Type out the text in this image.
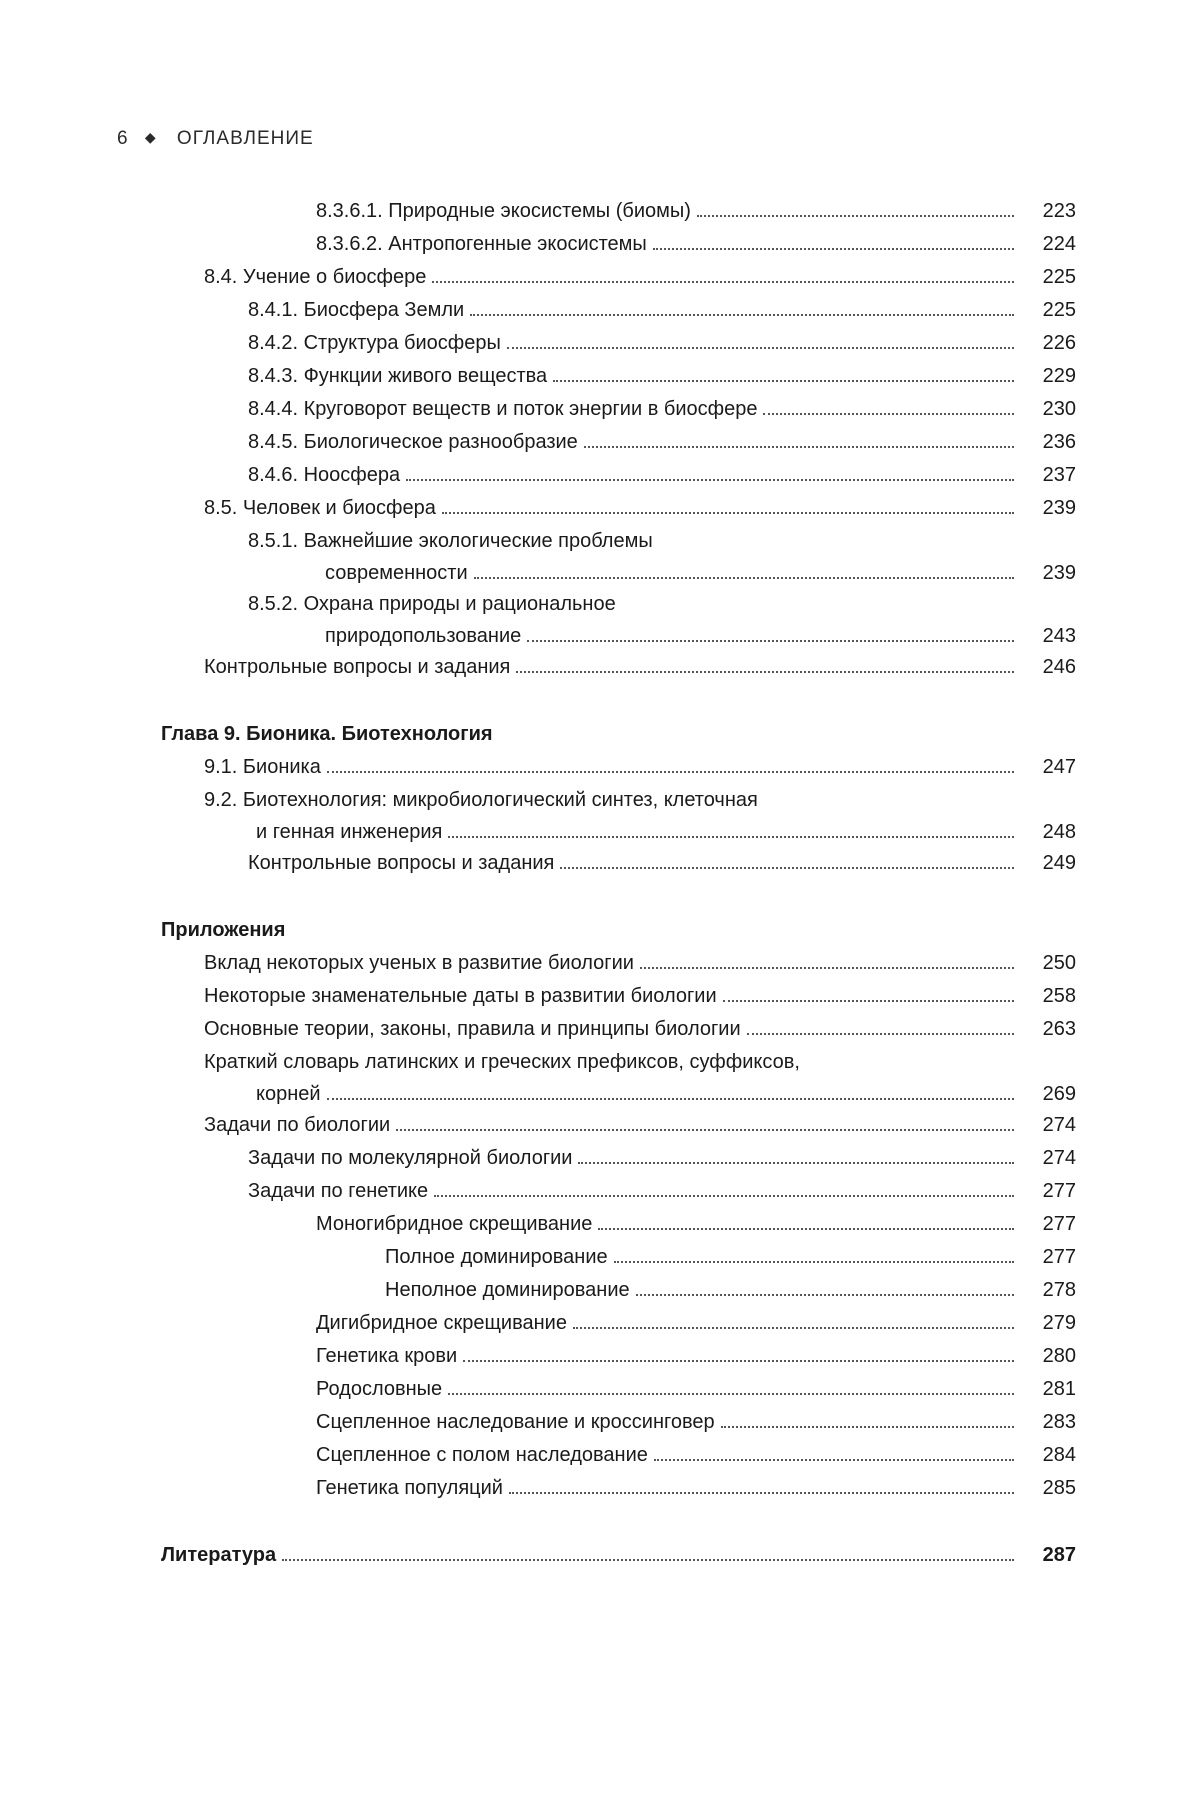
6 ◆ ОГЛАВЛЕНИЕ
8.3.6.1. Природные экосистемы (биомы)	223
8.3.6.2. Антропогенные экосистемы	224
8.4. Учение о биосфере	225
8.4.1. Биосфера Земли	225
8.4.2. Структура биосферы	226
8.4.3. Функции живого вещества	229
8.4.4. Круговорот веществ и поток энергии в биосфере	230
8.4.5. Биологическое разнообразие	236
8.4.6. Ноосфера	237
8.5. Человек и биосфера	239
8.5.1. Важнейшие экологические проблемы
современности	239
8.5.2. Охрана природы и рациональное
природопользование	243
Контрольные вопросы и задания	246
Глава 9. Бионика. Биотехнология
9.1. Бионика	247
9.2. Биотехнология: микробиологический синтез, клеточная
и генная инженерия	248
Контрольные вопросы и задания	249
Приложения
Вклад некоторых ученых в развитие биологии	250
Некоторые знаменательные даты в развитии биологии	258
Основные теории, законы, правила и принципы биологии	263
Краткий словарь латинских и греческих префиксов, суффиксов,
корней	269
Задачи по биологии	274
Задачи по молекулярной биологии	274
Задачи по генетике	277
Моногибридное скрещивание	277
Полное доминирование	277
Неполное доминирование	278
Дигибридное скрещивание	279
Генетика крови	280
Родословные	281
Сцепленное наследование и кроссинговер	283
Сцепленное с полом наследование	284
Генетика популяций	285
Литература	287
